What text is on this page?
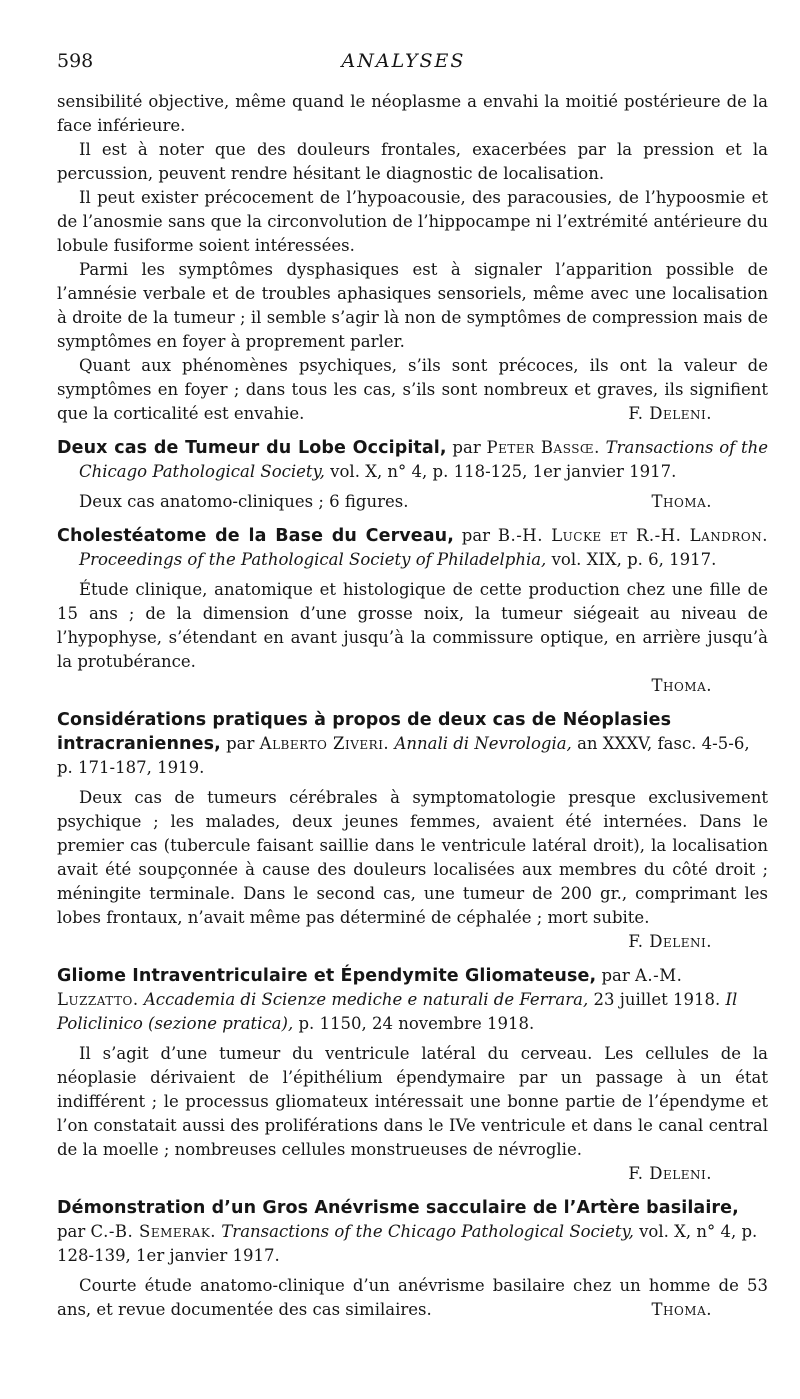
598	ANALYSES

sensibilité objective, même quand le néoplasme a envahi la moitié postérieure de la face inférieure.

Il est à noter que des douleurs frontales, exacerbées par la pression et la percussion, peuvent rendre hésitant le diagnostic de localisation.

Il peut exister précocement de l’hypoacousie, des paracousies, de l’hypoosmie et de l’anosmie sans que la circonvolution de l’hippocampe ni l’extrémité antérieure du lobule fusiforme soient intéressées.

Parmi les symptômes dysphasiques est à signaler l’apparition possible de l’amnésie verbale et de troubles aphasiques sensoriels, même avec une localisation à droite de la tumeur ; il semble s’agir là non de symptômes de compression mais de symptômes en foyer à proprement parler.

Quant aux phénomènes psychiques, s’ils sont précoces, ils ont la valeur de symptômes en foyer ; dans tous les cas, s’ils sont nombreux et graves, ils signifient que la corticalité est envahie.	F. Deleni.

Deux cas de Tumeur du Lobe Occipital, par Peter Bassœ. Transactions of the Chicago Pathological Society, vol. X, n° 4, p. 118-125, 1er janvier 1917.

Deux cas anatomo-cliniques ; 6 figures.	Thoma.

Cholestéatome de la Base du Cerveau, par B.-H. Lucke et R.-H. Landron. Proceedings of the Pathological Society of Philadelphia, vol. XIX, p. 6, 1917.

Étude clinique, anatomique et histologique de cette production chez une fille de 15 ans ; de la dimension d’une grosse noix, la tumeur siégeait au niveau de l’hypophyse, s’étendant en avant jusqu’à la commissure optique, en arrière jusqu’à la protubérance.

Thoma.

Considérations pratiques à propos de deux cas de Néoplasies intracraniennes, par Alberto Ziveri. Annali di Nevrologia, an XXXV, fasc. 4-5-6, p. 171-187, 1919.

Deux cas de tumeurs cérébrales à symptomatologie presque exclusivement psychique ; les malades, deux jeunes femmes, avaient été internées. Dans le premier cas (tubercule faisant saillie dans le ventricule latéral droit), la localisation avait été soupçonnée à cause des douleurs localisées aux membres du côté droit ; méningite terminale. Dans le second cas, une tumeur de 200 gr., comprimant les lobes frontaux, n’avait même pas déterminé de céphalée ; mort subite.

F. Deleni.

Gliome Intraventriculaire et Épendymite Gliomateuse, par A.-M. Luzzatto. Accademia di Scienze mediche e naturali de Ferrara, 23 juillet 1918. Il Policlinico (sezione pratica), p. 1150, 24 novembre 1918.

Il s’agit d’une tumeur du ventricule latéral du cerveau. Les cellules de la néoplasie dérivaient de l’épithélium épendymaire par un passage à un état indifférent ; le processus gliomateux intéressait une bonne partie de l’épendyme et l’on constatait aussi des proliférations dans le IVe ventricule et dans le canal central de la moelle ; nombreuses cellules monstrueuses de névroglie.

F. Deleni.

Démonstration d’un Gros Anévrisme sacculaire de l’Artère basilaire, par C.-B. Semerak. Transactions of the Chicago Pathological Society, vol. X, n° 4, p. 128-139, 1er janvier 1917.

Courte étude anatomo-clinique d’un anévrisme basilaire chez un homme de 53 ans, et revue documentée des cas similaires.	Thoma.
